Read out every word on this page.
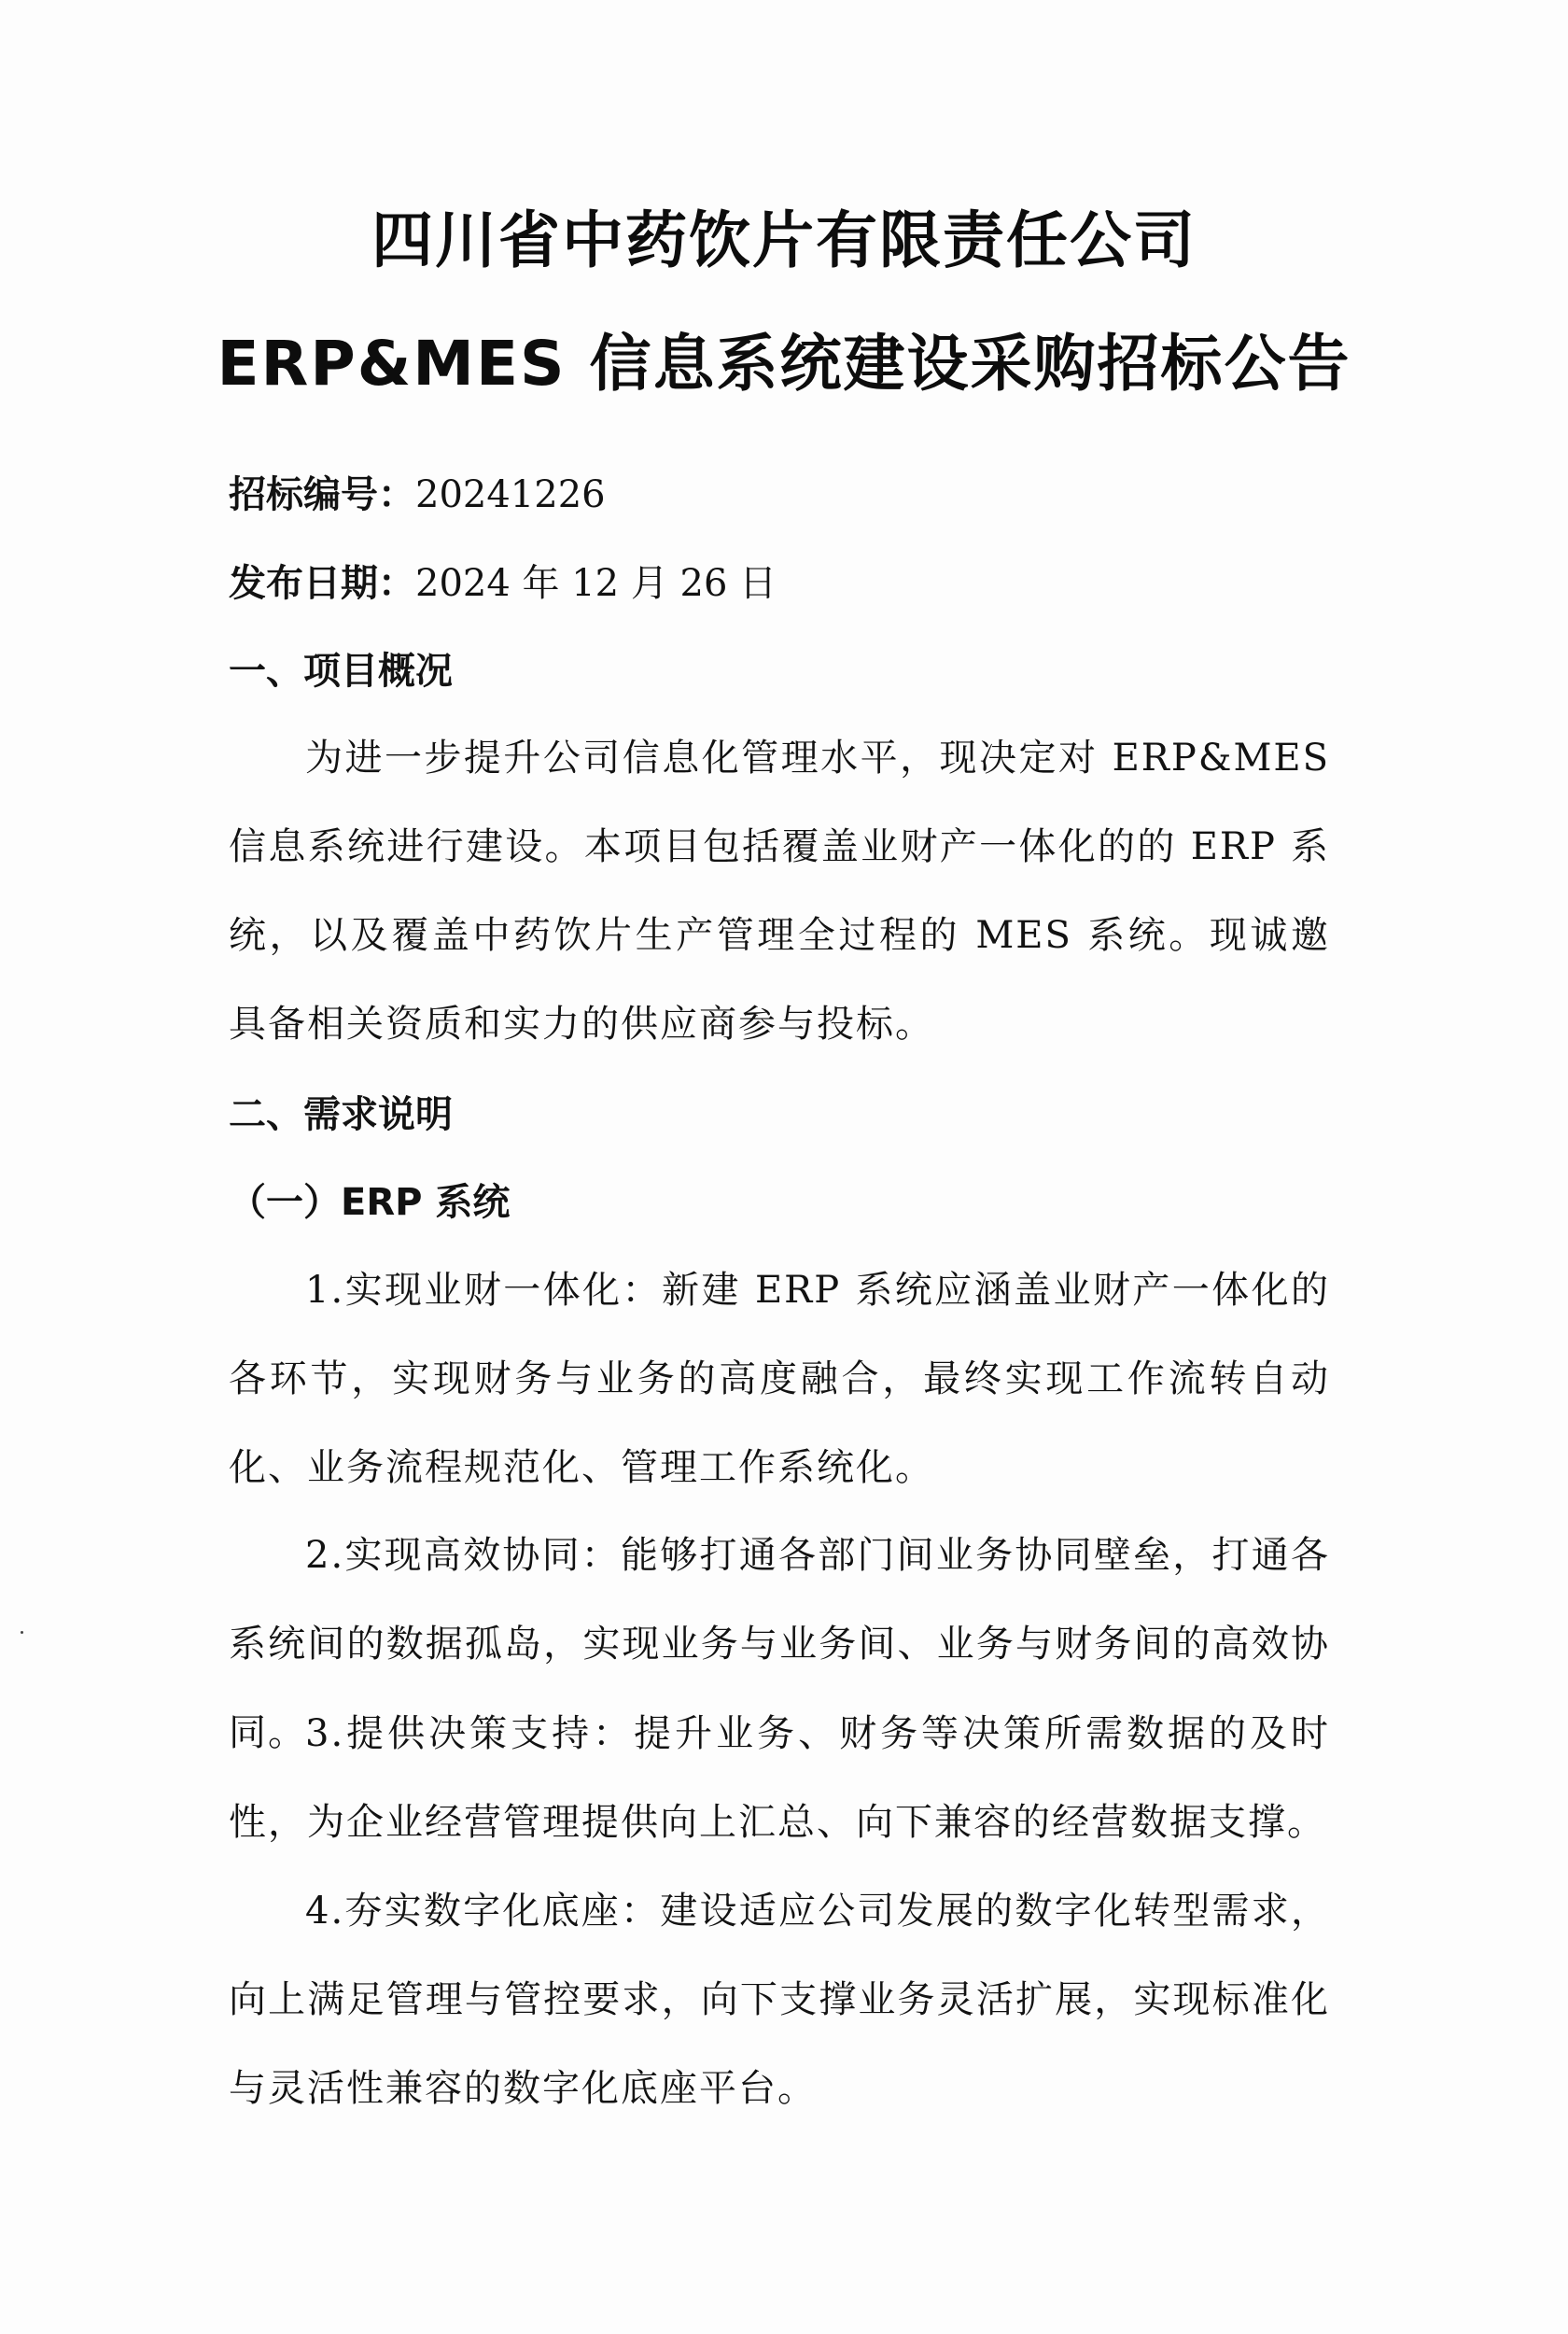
四川省中药饮片有限责任公司
ERP&MES 信息系统建设采购招标公告
招标编号：20241226
发布日期：2024 年 12 月 26 日
一、项目概况
为进一步提升公司信息化管理水平，现决定对 ERP&MES 信息系统进行建设。本项目包括覆盖业财产一体化的的 ERP 系统，以及覆盖中药饮片生产管理全过程的 MES 系统。现诚邀具备相关资质和实力的供应商参与投标。
二、需求说明
（一）ERP 系统
1.实现业财一体化：新建 ERP 系统应涵盖业财产一体化的各环节，实现财务与业务的高度融合，最终实现工作流转自动化、业务流程规范化、管理工作系统化。
2.实现高效协同：能够打通各部门间业务协同壁垒，打通各系统间的数据孤岛，实现业务与业务间、业务与财务间的高效协同。
3.提供决策支持：提升业务、财务等决策所需数据的及时性，为企业经营管理提供向上汇总、向下兼容的经营数据支撑。
4.夯实数字化底座：建设适应公司发展的数字化转型需求，向上满足管理与管控要求，向下支撑业务灵活扩展，实现标准化与灵活性兼容的数字化底座平台。
